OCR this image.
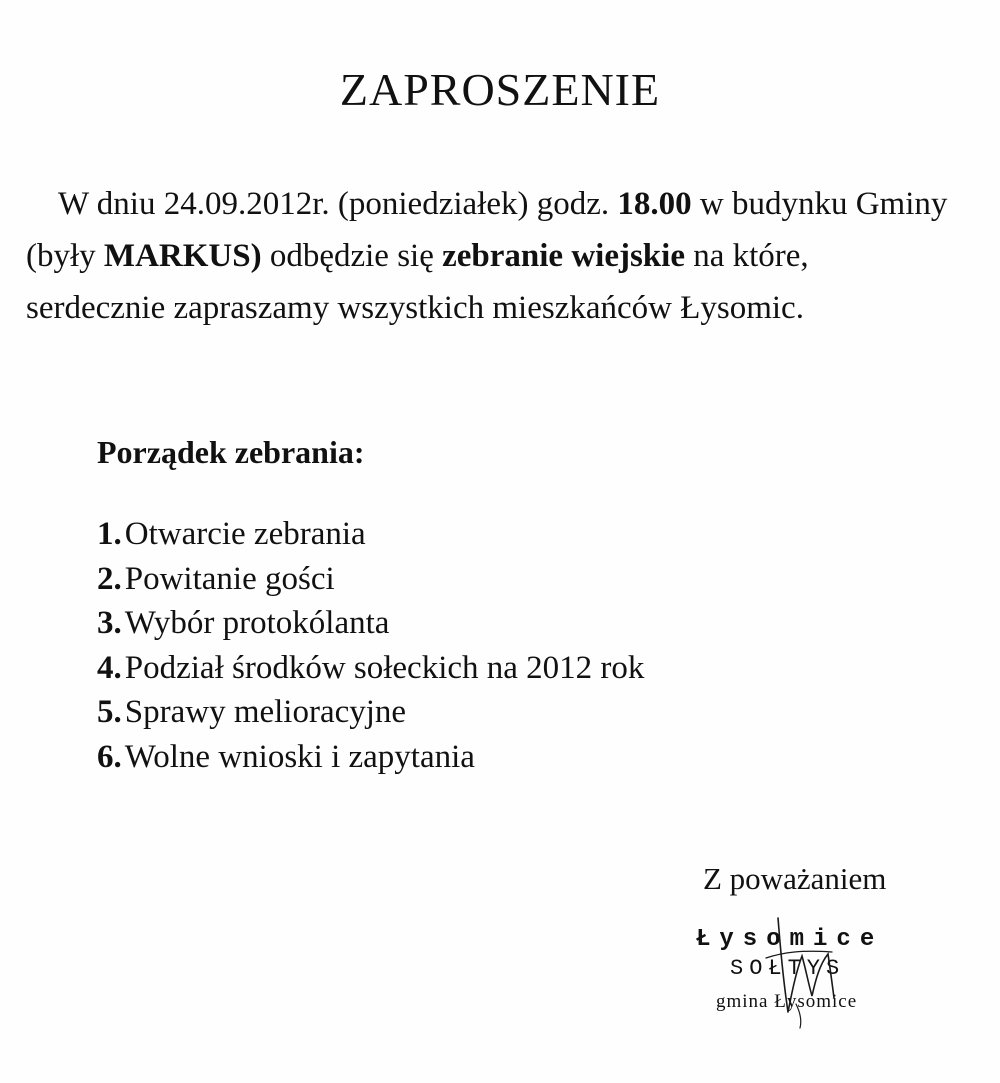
ZAPROSZENIE
W dniu 24.09.2012r. (poniedziałek) godz. 18.00 w budynku Gminy (były MARKUS) odbędzie się zebranie wiejskie na które, serdecznie zapraszamy wszystkich mieszkańców Łysomic.
Porządek zebrania:
1.Otwarcie zebrania
2.Powitanie gości
3.Wybór protokólanta
4.Podział środków sołeckich na 2012 rok
5.Sprawy melioracyjne
6.Wolne wnioski i zapytania
Z poważaniem
Łysomice
SOŁTYS
gmina Łysomice
